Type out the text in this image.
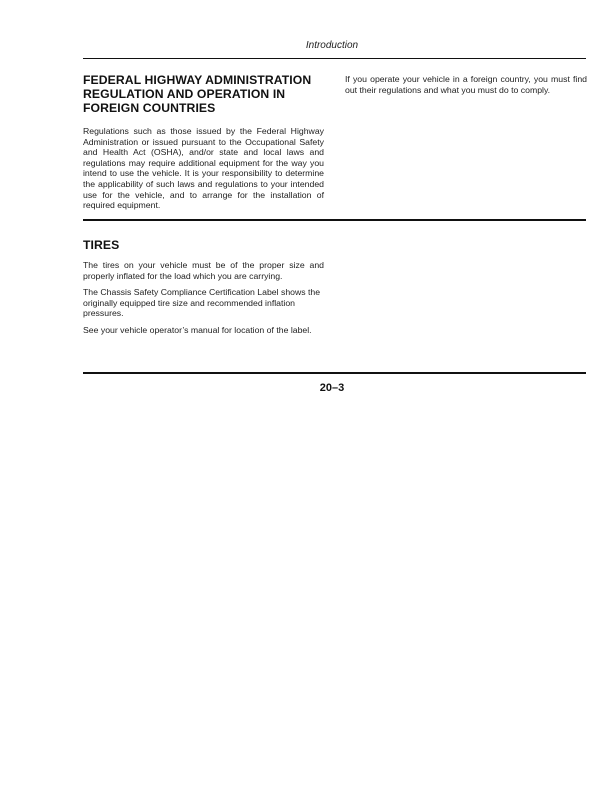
Introduction
FEDERAL HIGHWAY ADMINISTRATION
REGULATION AND OPERATION IN
FOREIGN COUNTRIES

Regulations such as those issued by the Federal Highway Administration or issued pursuant to the Occupational Safety and Health Act (OSHA), and/or state and local laws and regulations may require additional equipment for the way you intend to use the vehicle. It is your responsibility to determine the applicability of such laws and regulations to your intended use for the vehicle, and to arrange for the installation of required equipment.

If you operate your vehicle in a foreign country, you must find out their regulations and what you must do to comply.

TIRES

The tires on your vehicle must be of the proper size and properly inflated for the load which you are carrying.

The Chassis Safety Compliance Certification Label shows the originally equipped tire size and recommended inflation pressures.

See your vehicle operator’s manual for location of the label.

20–3
